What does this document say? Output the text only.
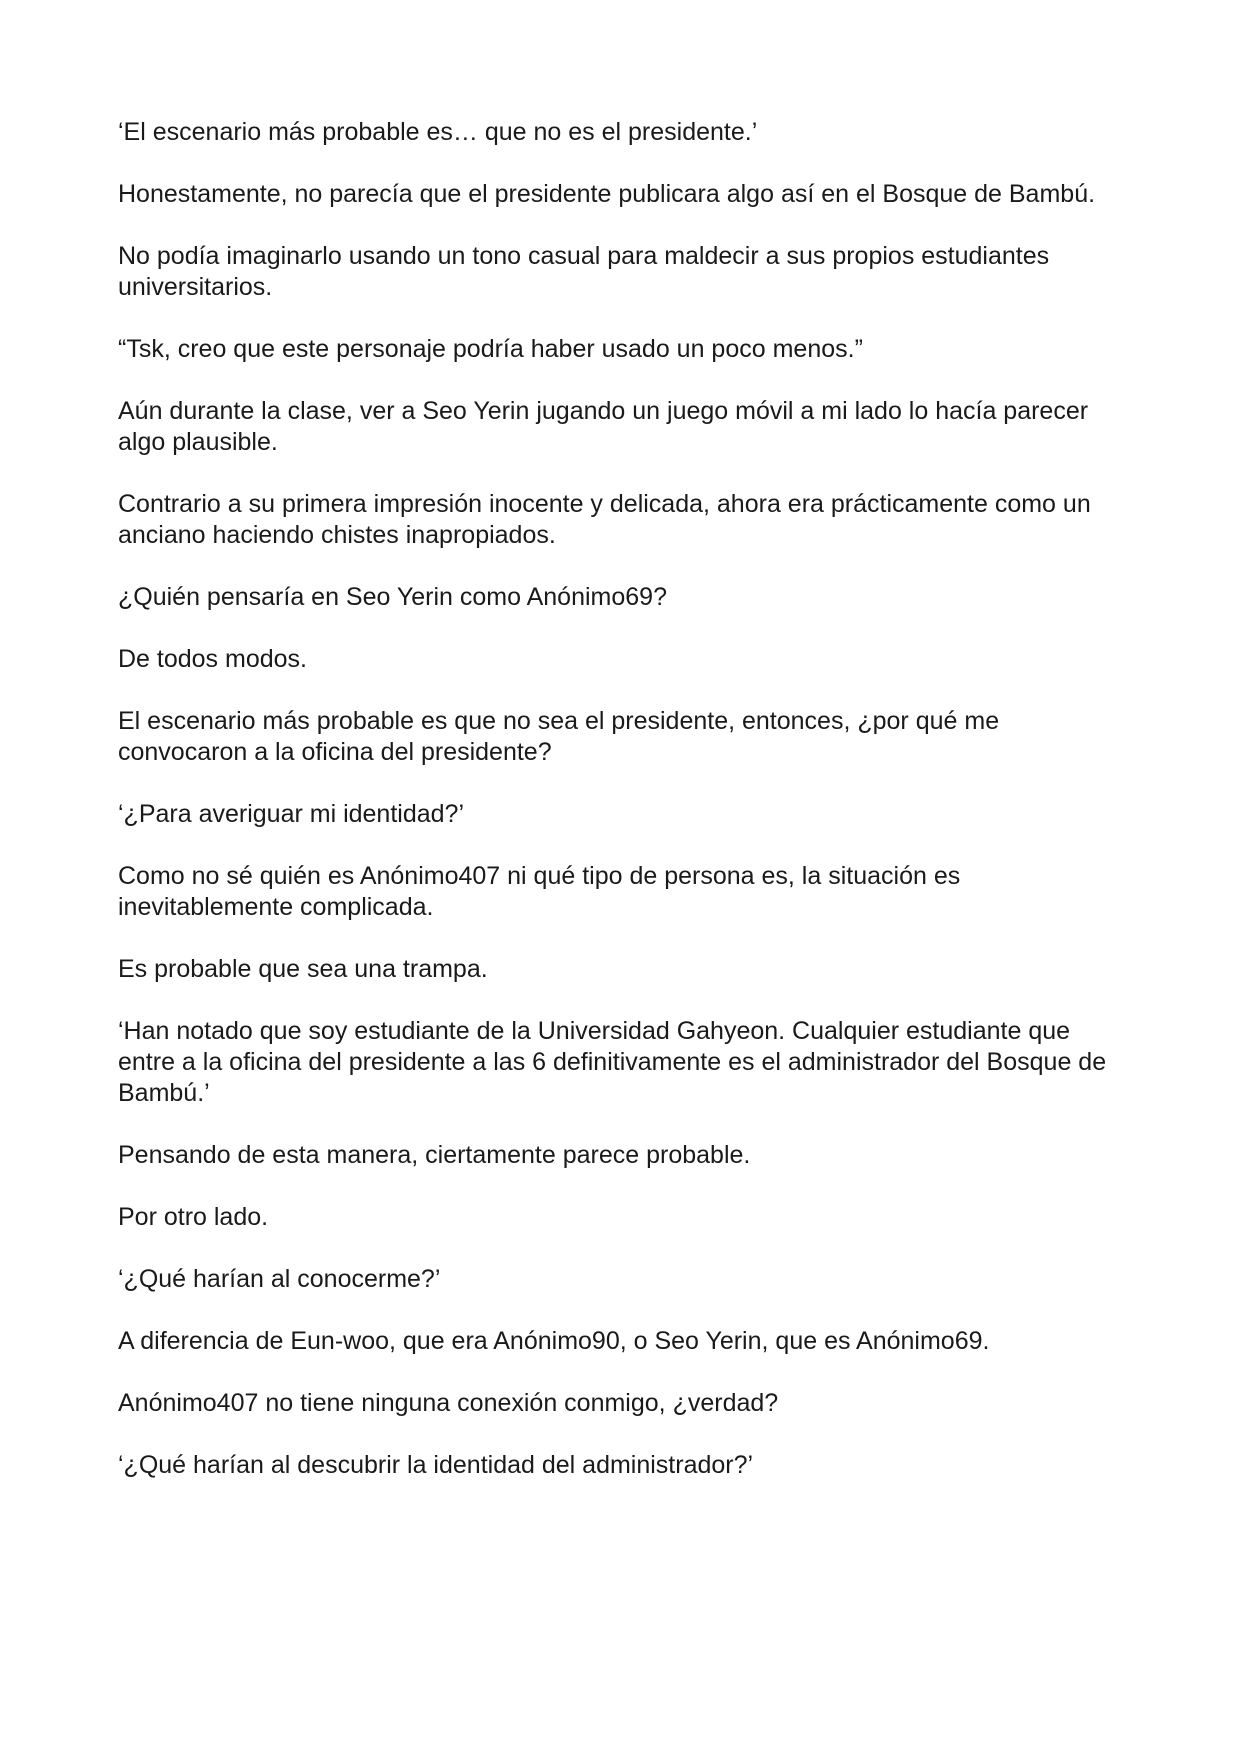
‘El escenario más probable es… que no es el presidente.’

Honestamente, no parecía que el presidente publicara algo así en el Bosque de Bambú.

No podía imaginarlo usando un tono casual para maldecir a sus propios estudiantes universitarios.

“Tsk, creo que este personaje podría haber usado un poco menos.”

Aún durante la clase, ver a Seo Yerin jugando un juego móvil a mi lado lo hacía parecer algo plausible.

Contrario a su primera impresión inocente y delicada, ahora era prácticamente como un anciano haciendo chistes inapropiados.

¿Quién pensaría en Seo Yerin como Anónimo69?

De todos modos.

El escenario más probable es que no sea el presidente, entonces, ¿por qué me convocaron a la oficina del presidente?

‘¿Para averiguar mi identidad?’

Como no sé quién es Anónimo407 ni qué tipo de persona es, la situación es inevitablemente complicada.

Es probable que sea una trampa.

‘Han notado que soy estudiante de la Universidad Gahyeon. Cualquier estudiante que entre a la oficina del presidente a las 6 definitivamente es el administrador del Bosque de Bambú.’

Pensando de esta manera, ciertamente parece probable.

Por otro lado.

‘¿Qué harían al conocerme?’

A diferencia de Eun-woo, que era Anónimo90, o Seo Yerin, que es Anónimo69.

Anónimo407 no tiene ninguna conexión conmigo, ¿verdad?

‘¿Qué harían al descubrir la identidad del administrador?’
